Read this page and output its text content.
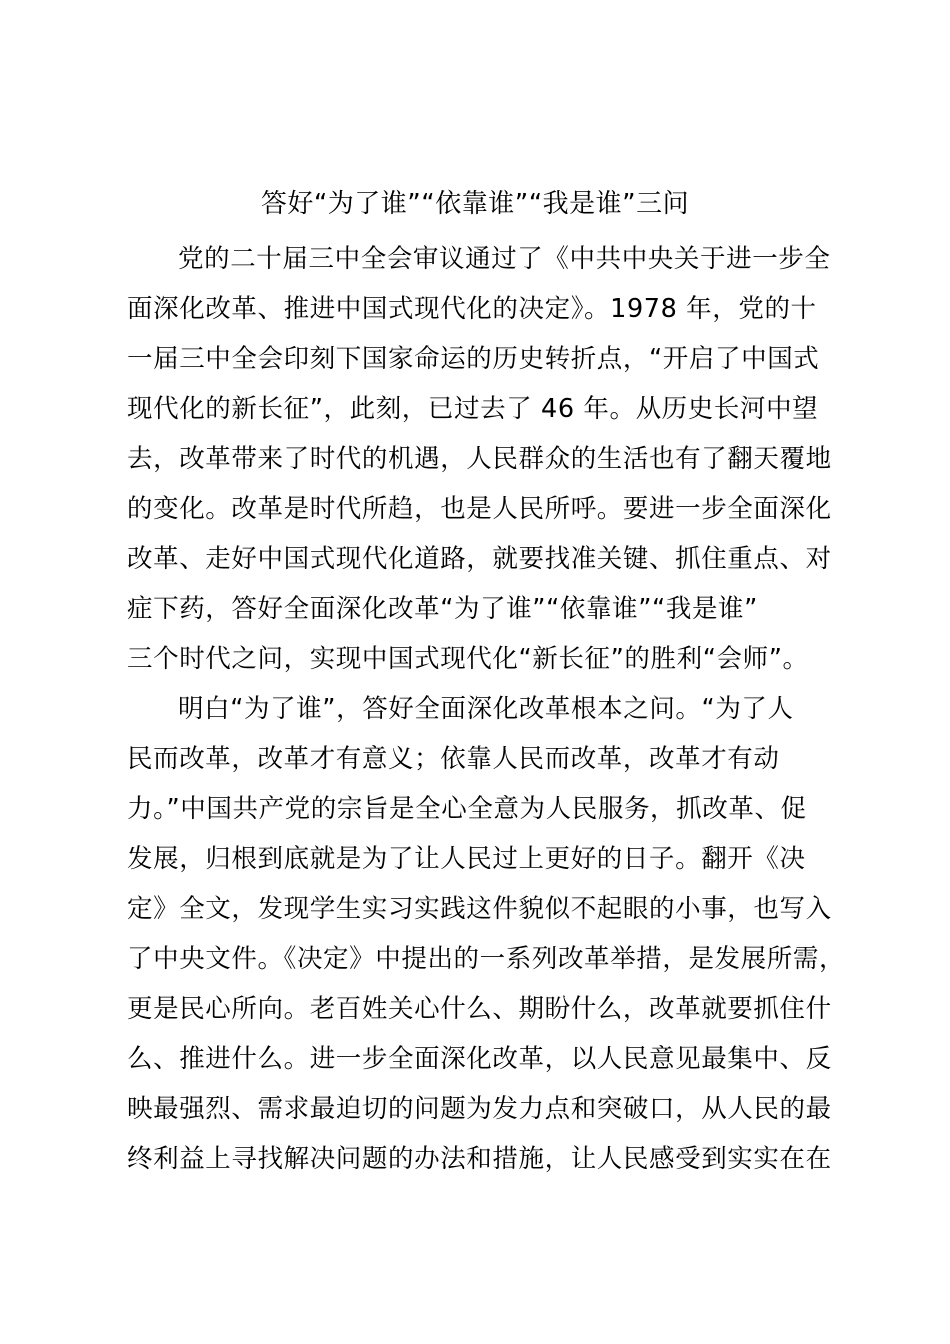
答好“为了谁”“依靠谁”“我是谁”三问
党的二十届三中全会审议通过了《中共中央关于进一步全
面深化改革、推进中国式现代化的决定》。1978 年，党的十
一届三中全会印刻下国家命运的历史转折点，“开启了中国式
现代化的新长征”，此刻，已过去了 46 年。从历史长河中望
去，改革带来了时代的机遇，人民群众的生活也有了翻天覆地
的变化。改革是时代所趋，也是人民所呼。要进一步全面深化
改革、走好中国式现代化道路，就要找准关键、抓住重点、对
症下药，答好全面深化改革“为了谁”“依靠谁”“我是谁”
三个时代之问，实现中国式现代化“新长征”的胜利“会师”。
明白“为了谁”，答好全面深化改革根本之问。“为了人
民而改革，改革才有意义；依靠人民而改革，改革才有动
力。”中国共产党的宗旨是全心全意为人民服务，抓改革、促
发展，归根到底就是为了让人民过上更好的日子。翻开《决
定》全文，发现学生实习实践这件貌似不起眼的小事，也写入
了中央文件。《决定》中提出的一系列改革举措，是发展所需，
更是民心所向。老百姓关心什么、期盼什么，改革就要抓住什
么、推进什么。进一步全面深化改革，以人民意见最集中、反
映最强烈、需求最迫切的问题为发力点和突破口，从人民的最
终利益上寻找解决问题的办法和措施，让人民感受到实实在在
